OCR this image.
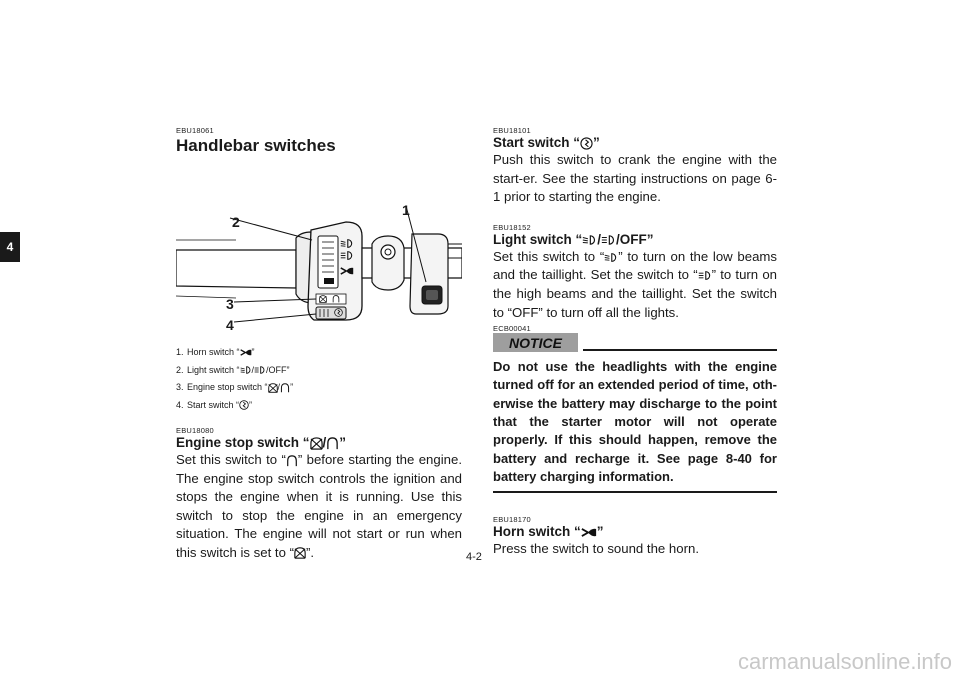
4
EBU18061
Handlebar switches
2
1
3
4
1. Horn switch “ ”
2. Light switch “ / /OFF”
3. Engine stop switch “ / ”
4. Start switch “ ”
EBU18080
Engine stop switch “ / ”

Set this switch to “ ” before starting the engine. The engine stop switch controls the ignition and stops the engine when it is running. Use this switch to stop the engine in an emergency situation. The engine will not start or run when this switch is set to “ ”.

EBU18101
Start switch “ ”

Push this switch to crank the engine with the start-er. See the starting instructions on page 6-1 prior to starting the engine.

EBU18152
Light switch “ / /OFF”

Set this switch to “ ” to turn on the low beams and the taillight. Set the switch to “ ” to turn on the high beams and the taillight. Set the switch to “OFF” to turn off all the lights.

ECB00041
NOTICE

Do not use the headlights with the engine turned off for an extended period of time, oth-erwise the battery may discharge to the point that the starter motor will not operate properly. If this should happen, remove the battery and recharge it. See page 8-40 for battery charging information.

EBU18170
Horn switch “ ”

Press the switch to sound the horn.

4-2
carmanualsonline.info
